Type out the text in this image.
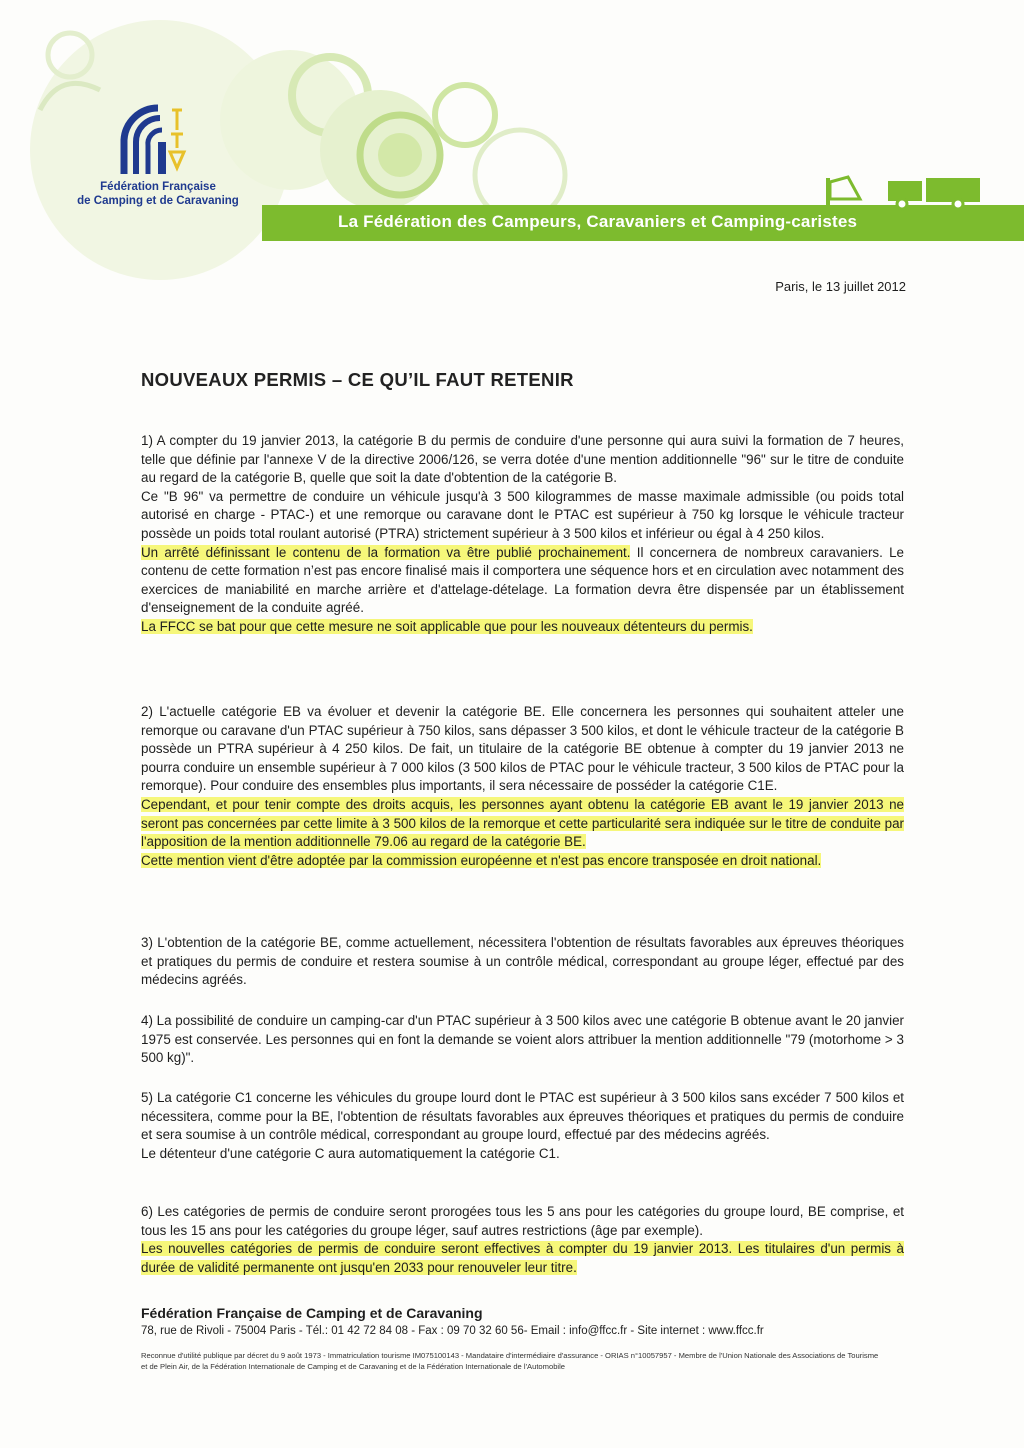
Fédération Française
de Camping et de Caravaning
La Fédération des Campeurs, Caravaniers et Camping-caristes
Paris, le 13 juillet 2012
NOUVEAUX PERMIS – CE QU’IL FAUT RETENIR

1) A compter du 19 janvier 2013, la catégorie B du permis de conduire d'une personne qui aura suivi la formation de 7 heures, telle que définie par l'annexe V de la directive 2006/126, se verra dotée d'une mention additionnelle "96" sur le titre de conduite au regard de la catégorie B, quelle que soit la date d'obtention de la catégorie B.

Ce "B 96" va permettre de conduire un véhicule jusqu'à 3 500 kilogrammes de masse maximale admissible (ou poids total autorisé en charge - PTAC-) et une remorque ou caravane dont le PTAC est supérieur à 750 kg lorsque le véhicule tracteur possède un poids total roulant autorisé (PTRA) strictement supérieur à 3 500 kilos et inférieur ou égal à 4 250 kilos.

Un arrêté définissant le contenu de la formation va être publié prochainement. Il concernera de nombreux caravaniers. Le contenu de cette formation n’est pas encore finalisé mais il comportera une séquence hors et en circulation avec notamment des exercices de maniabilité en marche arrière et d'attelage-dételage. La formation devra être dispensée par un établissement d'enseignement de la conduite agréé.

La FFCC se bat pour que cette mesure ne soit applicable que pour les nouveaux détenteurs du permis.

2) L'actuelle catégorie EB va évoluer et devenir la catégorie BE. Elle concernera les personnes qui souhaitent atteler une remorque ou caravane d'un PTAC supérieur à 750 kilos, sans dépasser 3 500 kilos, et dont le véhicule tracteur de la catégorie B possède un PTRA supérieur à 4 250 kilos. De fait, un titulaire de la catégorie BE obtenue à compter du 19 janvier 2013 ne pourra conduire un ensemble supérieur à 7 000 kilos (3 500 kilos de PTAC pour le véhicule tracteur, 3 500 kilos de PTAC pour la remorque). Pour conduire des ensembles plus importants, il sera nécessaire de posséder la catégorie C1E.

Cependant, et pour tenir compte des droits acquis, les personnes ayant obtenu la catégorie EB avant le 19 janvier 2013 ne seront pas concernées par cette limite à 3 500 kilos de la remorque et cette particularité sera indiquée sur le titre de conduite par l'apposition de la mention additionnelle 79.06 au regard de la catégorie BE.

Cette mention vient d'être adoptée par la commission européenne et n'est pas encore transposée en droit national.

3) L'obtention de la catégorie BE, comme actuellement, nécessitera l'obtention de résultats favorables aux épreuves théoriques et pratiques du permis de conduire et restera soumise à un contrôle médical, correspondant au groupe léger, effectué par des médecins agréés.

4) La possibilité de conduire un camping-car d'un PTAC supérieur à 3 500 kilos avec une catégorie B obtenue avant le 20 janvier 1975 est conservée. Les personnes qui en font la demande se voient alors attribuer la mention additionnelle "79 (motorhome > 3 500 kg)".

5) La catégorie C1 concerne les véhicules du groupe lourd dont le PTAC est supérieur à 3 500 kilos sans excéder 7 500 kilos et nécessitera, comme pour la BE, l'obtention de résultats favorables aux épreuves théoriques et pratiques du permis de conduire et sera soumise à un contrôle médical, correspondant au groupe lourd, effectué par des médecins agréés.

Le détenteur d'une catégorie C aura automatiquement la catégorie C1.

6) Les catégories de permis de conduire seront prorogées tous les 5 ans pour les catégories du groupe lourd, BE comprise, et tous les 15 ans pour les catégories du groupe léger, sauf autres restrictions (âge par exemple).

Les nouvelles catégories de permis de conduire seront effectives à compter du 19 janvier 2013. Les titulaires d'un permis à durée de validité permanente ont jusqu'en 2033 pour renouveler leur titre.

Fédération Française de Camping et de Caravaning
78, rue de Rivoli - 75004 Paris - Tél.: 01 42 72 84 08 - Fax : 09 70 32 60 56- Email : info@ffcc.fr - Site internet : www.ffcc.fr
Reconnue d'utilité publique par décret du 9 août 1973 - Immatriculation tourisme IM075100143 - Mandataire d'intermédiaire d'assurance - ORIAS n°10057957 - Membre de l'Union Nationale des Associations de Tourisme et de Plein Air, de la Fédération Internationale de Camping et de Caravaning et de la Fédération Internationale de l'Automobile
